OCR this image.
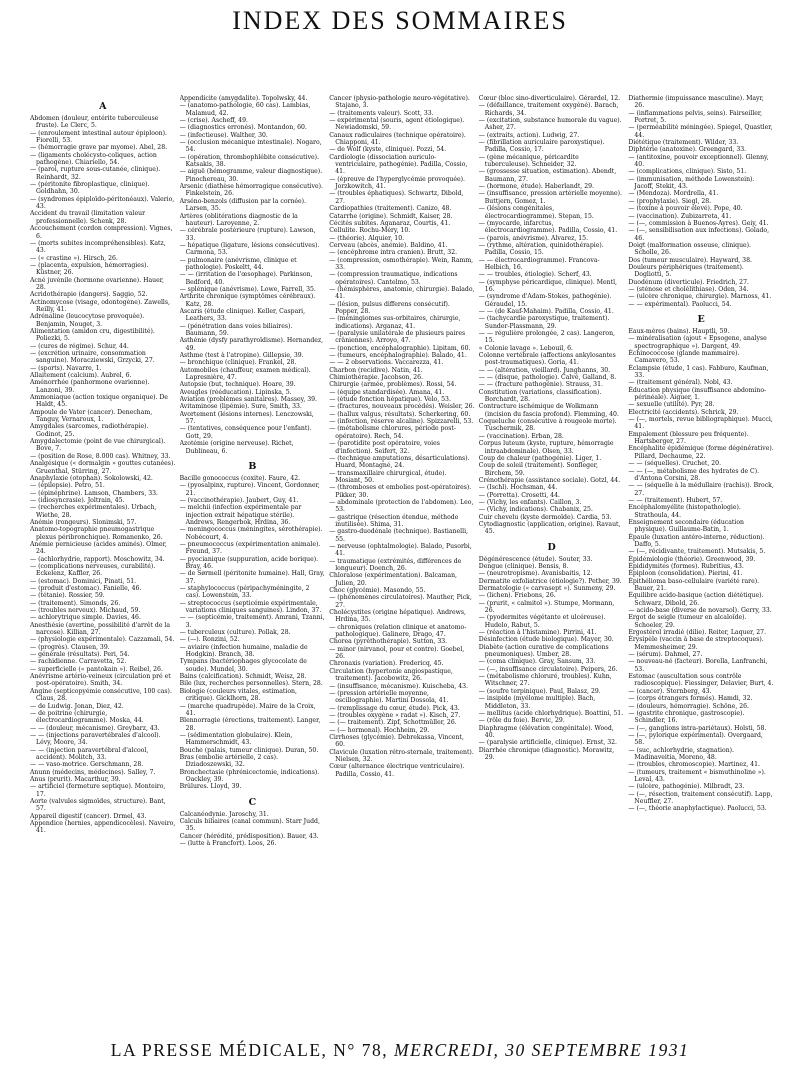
INDEX DES SOMMAIRES
A

Abdomen (douleur, entérite tuberculeuse fruste). Le Clerc, 5.

— (enroulement intestinal autour épiploon). Fiorelli, 53.

— (hémorragie grave par myome). Abel, 28.

— (ligaments cholécysto-coliques, action pathogène). Chiariello, 54.

— (paroi, rupture sous-cutanée, clinique). Reinhardt, 32.

— (péritonite fibroplastique, clinique). Goldhahn, 30.

— (syndromes épiploïdo-péritonéaux). Valerio, 43.

Accident du travail (limitation valeur professionnelle). Schenk, 28.

Accouchement (cordon compression). Vignes, 6.

— (morts subites incompréhensibles). Katz, 43.

— (« crastine »). Hirsch, 26.

— (placenta, expulsion, hémorragies). Küstner, 26.

Acné juvénile (hormone ovarienne). Hauer, 28.

Acridothérapie (dangers). Saggio, 52.

Actinomycose (visage, odontogène). Zawells, Reilly, 41.

Adrénaline (leucocytose provoquée). Benjamin, Nouget, 3.

Alimentation (amidon cru, digestibilité). Poliezki, 5.

— (cures de régime). Schur, 44.

— (excrétion urinaire, consommation sanguine). Moracziewski, Grzycki, 27.

— (sports). Navarre, 1.

Allaitement (calcium). Aubrel, 6.

Aménorrhée (panhormone ovarienne). Lanzoni, 39.

Ammoniaque (action toxique organique). De Haldt, 45.

Ampoule de Vater (cancer). Denecham, Tanguy, Vernaroux, 1.

Amygdales (sarcomes, radiothérapie). Godinot, 25.

Amygdalectomie (point de vue chirurgical). Bove, 7.

— (position de Rose, 8.000 cas). Whitney, 33.

Analgésique (« dormalgin » gouttes cutanées). Gruenthal, Stürring, 27.

Anaphylaxie (otophan). Sokolowski, 42.

— (épilepsie). Petro, 51.

— (épinéphrine). Lamson, Chambers, 33.

— (idiosyncrasie). Joltrain, 45.

— (recherches expérimentales). Urbach, Wiethe, 28.

Anémie (rongeurs). Slonimski, 57.

Anatomo-topographie pneumogastrique plexus péribronchique). Romanenko, 26.

Anémie pernicieuse (acides aminés). Olmer, 24.

— (achlorhydrie, rapport). Moschowitz, 34.

— (complications nerveuses, curabilité). Eckelenz, Kaffler, 26.

— (estomac). Dominici, Pinati, 51.

— (produit d'estomac). Fanielle, 46.

— (tétanie). Rossier, 59.

— (traitement). Simonds, 26.

— (troubles nerveux). Michaud, 59.

— achlorytrique simple. Davies, 46.

Anesthésie (avertine, possibilité d'arrêt de la narcose). Killian, 27.

— (physiologie expérimentale). Cazzamali, 54.

— (progrès). Clausen, 39.

— générale (résultats). Peri, 54.

— rachidienne. Carravetta, 52.

— superficielle (« pantokain »). Reibel, 26.

Anévrisme artério-veineux (circulation pré et post-opératoire). Smith, 34.

Angine (septicopyémie consécutive, 100 cas). Claus, 28.

— de Ludwig. Jonan, Diez, 42.

— de poitrine (chirurgie, électrocardiogramme). Moska, 44.

— — (douleur, mécanisme). Greybarz, 43.

— — (injections paravertébrales d'alcool). Lévy, Moore, 34.

— — (injection paravertébral d'alcool, accident). Molitch, 33.

— — vaso-motrice. Gerschmann, 28.

Anunn (médecins, médecines). Salley, 7.

Anus (prurit). Macarthur, 39.

— artificiel (fermeture septique). Monteiro, 17.

Aorte (valvules sigmoïdes, structure). Bant, 57.

Appareil digestif (cancer). Drmel, 43.

Appendice (hernies, appendicocèles). Naveiro, 41.

Appendicite (amygdalite). Topolwsky, 44.

— (anatomo-pathologie, 60 cas). Lambias, Malamud, 42.

— (crise). Ascheff, 49.

— (diagnostics erronés). Montandon, 60.

— (infectieuse). Walther, 30.

— (occlusion mécanique intestinale). Nogaro, 54.

— (opération, thrombophlébite consécutive). Katsakis, 38.

— aiguë (hémogramme, valeur diagnostique). Pinochereau, 30.

Arsenic (diathèse hémorragique consécutive). Finkelstein, 26.

Arséno-benzols (diffusion par la cornée). Larsen, 35.

Artères (oblitérations diagnostic de la hauteur). Laroyenne, 2.

— cérébrale postérieure (rupture). Lawson, 33.

— hépatique (ligature, lésions consécutives). Carmona, 53.

— pulmonaire (anévrisme, clinique et pathologie). Poskeltt, 44.

— — (irritation de l'œsophage). Parkinson, Bedford, 40.

— splénique (anévrisme). Lowe, Farrell, 35.

Arthrite chronique (symptômes cérébraux). Katz, 28.

Ascaris (étude clinique). Keller, Caspari, Leathers, 33.

— (pénétration dans voies biliaires). Baumann, 59.

Asthénie (dysfy parathyroïdisme). Hernandez, 49.

Asthme (test à l'atropine). Gillepsie, 39.

— bronchique (clinique). Frankel, 28.

Automobiles (chauffeur, examen médical). Lapresnière, 47.

Autopsie (but, technique). Hoare, 39.

Aveugles (rééducation). Lipinska, 5.

Aviation (problèmes sanitaires). Massey, 39.

Avitaminose (lipémie). Sure, Smith, 33.

Avortement (lésions internes). Lenczowski, 57.

— (tentatives, conséquence pour l'enfant). Gott, 29.

Azotémie (origine nerveuse). Richet, Dublineau, 6.

B

Bacille gonococcus (coxite). Faure, 42.

— (pyosalpinx, rupture). Vincent, Gordonner, 21.

— (vaccinothérapie). Jaubert, Guy, 41.

— melchii (infection expérimentale par injection extrait hépatique stérile). Andrews, Rengerbok, Hrdina, 36.

— meningococcus (méningites, sérothérapie). Nobécourt, 4.

— pneumococcus (expérimentation animale). Freund, 37.

— pyocianique (suppuration, acide borique). Bray, 46.

— de Sørmell (péritonite humaine). Hall, Gray, 37.

— staphylococcus (péripachyméningite, 2 cas). Lowenstein, 33.

— streptococcus (septicémie expérimentale, variations cliniques sanguines). Lindon, 37.

— — (septicémie, traitement). Amrani, Tzanni, 3.

— tuberculeux (culture). Pollak, 28.

— (—). Ronzini, 52.

— aviaire (infection humaine, maladie de Hodgkin). Branch, 38.

Tympans (bactériophages glycocolate de soude). Mundel, 30.

Bains (calcification). Schmidt, Weisz, 28.

Bile (lux, recherches personnelles). Stern, 28.

Biologie (couleurs vitales, estimation, critique). Gicklhorn, 28.

— (marche quadrupède). Maire de la Croix, 41.

Blennorragie (érections, traitement). Langer, 28.

— (sédimentation globulaire). Klein, Hammerschmidt, 43.

Bouche (palais, tumeur clinique). Duran, 50.

Bras (embolie artérielle, 2 cas). Dziadoszewski, 32.

Bronchectasie (phrénicectomie, indications). Oackley, 39.

Brûlures. Lloyd, 39.

C

Calcanéodynie. Jaroschy, 31.

Calculs biliaires (canal commun). Starr Judd, 35.

Cancer (hérédité, prédisposition). Bauer, 43.

— (lutte à Francfort). Loos, 26.

Cancer (physio-pathologie neuro-végétative). Stajano, 3.

— (traitements valeur). Scott, 33.

— expérimental (souris, agent étiologique). Newiadomski, 59.

Canaux radiculaires (technique opératoire). Chiapponi, 41.

— de Wolf (kyste, clinique). Pozzi, 54.

Cardiologie (dissociation auriculo-ventriculaire, pathogénie). Padilla, Cossio, 41.

— (épreuve de l'hyperglycémie provoquée). Jorzkowitch, 41.

— (troubles éphatiques). Schwartz, Dibold, 27.

Cardiopathies (traitement). Canizo, 48.

Catarrhe (origine). Schmidt, Kaiser, 28.

Cécités subites. Aganaraz, Courtis, 41.

Cellulite. Rochu-Méry, 10.

— (théorie). Alquier, 10.

Cerveau (abcès, anémie). Baldino, 41.

— (encéphrome intra cranien). Brutt, 32.

— (compression, osmothérapie). Wein, Ramm, 33.

— (compression traumatique, indications opératoires). Cantelmo, 53.

— (hémisphères, anatomie, chirurgie). Balado, 41.

— (lésion, pulsus differens consécutif). Popper, 28.

— (méningiomes sus-orbitaires, chirurgie, indications). Arganaz, 41.

— (paralysie unilatérale de plusieurs paires crâniennes). Arroyo, 47.

— (ponction, encéphalographie). Lipitam, 60.

— (tumeurs, encéphalographie). Balado, 41.

— — 2 observations. Vaccarezza, 41.

Charbon (recidive). Natin, 41.

Chimiothérapie. Jacobson, 26.

Chirurgie (armée, problèmes). Rossi, 54.

— (équipe standardisée). Amana, 41.

— (étude fonction hépatique). Velo, 53.

— (fractures, nouveaux procédés). Weisler, 26.

— (hallux valgus, résultats). Scherkering, 60.

— (infection, réserve alcaline). Spizzarelli, 53.

— (métabolisme chlorures, période post-opératoire). Rech, 54.

— (parotidite post opératoire, voies d'infection). Seifert, 32.

— (technique amputations, désarticulations). Huard, Montagné, 24.

— transmaxillaire chirurgical, étude). Mosiant, 50.

— (thromboses et embolies post-opératoires). Pikker, 30.

— abdominale (protection de l'abdomen). Leo, 53.

— gastrique (résection étendue, méthode inutilisée). Shima, 31.

— gastro-duodénale (technique). Bastianelli, 55.

— nerveuse (ophtalmologie). Balado, Pusorbi, 41.

— traumatique (extrémités, différences de longueur). Doench, 26.

Chloralose (expérimentation). Balcaman, Julien, 20.

Choc (glycémie). Masondo, 55.

— (phénomènes circulatoires). Mauther, Pick, 27.

Cholécystites (origine hépatique). Andrews, Hrdina, 35.

— chroniques (relation clinique et anatomo-pathologique). Galinere, Drago, 47.

Chorea (pyréthothérapie). Sutton, 33.

— minor (nirvanol, pour et contre). Goebel, 26.

Chronaxis (variation). Fredericq, 45.

Circulation (hypertonie angiospastique, traitement). Jacobowitz, 26.

— (insuffisance, mécanisme). Kuischeba, 43.

— (pression artérielle moyenne, oscillographie). Martini Dossola, 41.

— (remplissage du cœur, étude). Pick, 43.

— (troubles oxygène « radat »). Kisch, 27.

— (— traitement). Zipf, Schottmüller, 26.

— (— hormonal). Hochheim, 29.

Cirrhoses (glycémie). Debrekassa, Vincent, 60.

Clavicule (luxation rétro-sternale, traitement). Nielsen, 32.

Cœur (alternance électrique ventriculaire). Padilla, Cossio, 41.

Cœur (bloc sino-diverticulaire). Gérardel, 12.

— (défaillance, traitement oxygéné). Barach, Richards, 34.

— (excitation, substance humorale du vague). Asher, 27.

— (extraits, action). Ludwig, 27.

— (fibrillation auriculaire paroxystique). Padilla, Cossio, 17.

— (gène mécanique, péricardite tuberculeuse). Schneider, 32.

— (grossesse situation, estimation). Abendt, Baumann, 27.

— (hormone, étude). Haberlandt, 29.

— (insuffisance, pression artérielle moyenne). Buttjern, Gomez, 1.

— (lésions congénitales, électrocardiogramme). Stepan, 15.

— (myocarde, infarctus, électrocardiogramme). Padilla, Cossio, 41.

— (parois, anévrisme). Alvarez, 15.

— (rythme, altération, quinidothérapie). Padilla, Cossio, 15.

— — électrocardiogramme). Francova-Helbich, 16.

— — troubles, étiologie). Scherf, 43.

— (symphyse péricardique, clinique). Mentl, 16.

— (syndrome d'Adam-Stokes, pathogénie). Géraudel, 15.

— — (de Kauf-Mahaim). Padilla, Cossio, 41.

— (tachycardie paroxystique, traitement). Sunder-Plassmann, 29.

— — régulière prolongée, 2 cas). Langeron, 15.

« Colonie lavage ». Lebouil, 6.

Colonne vertébrale (affections ankylosantes post-traumatiques). Goria, 41.

— — (altération, vieillard). Junghanns, 30.

— — (disque, pathologie). Calvé, Galland, 8.

— — (fracture pathogénie). Strauss, 31.

Constitution (variations, classification). Borchardt, 28.

Contracture ischémique de Wolkmann (incision du fascia profond). Flemming, 40.

Coqueluche (consécutive à rougeole morte). Tuschermik, 28.

— (vaccination). Erban, 28.

Corpus luteum (kyste, rupture, hémorragie intraabdominale). Olsen, 33.

Coup de chaleur (pathogénie). Liger, 1.

Coup de soleil (traitement). Sonfleger, Birchem, 59.

Crénothérapie (assistance sociale). Gotzl, 44.

— (Ischl). Hochsman, 44.

— (Porretta). Crosetti, 44.

— (Vichy, les enfants). Caillon, 3.

— (Vichy, indications). Chabanix, 25.

Cuir chevelu (kyste dermoïde). Cardia, 53.

Cytodiagnostic (application, origine). Ravaut, 45.

D

Dégénérescence (étude). Souter, 33.

Dengue (clinique). Bensis, 8.

— (neurotropisme). Avanisbaitis, 12.

Dermatite exfoliatrice (étiologie?). Pether, 39.

Dermatologie (« carvasept »). Sunmeny, 29.

— (lichen). Friebons, 26.

— (prurit, « calmitol »). Stumpe, Mormann, 26.

— (pyodermites végétante et ulcéreuse). Hudelo, Rabut, 5.

— (réaction à l'histamine). Pirrini, 41.

Désinfection (étude biologique). Mayer, 30.

Diabète (action curative de complications pneumoniques). Umber, 28.

— (coma clinique). Gray, Sansum, 33.

— (—, insuffisance circulatoire). Peipers, 26.

— (métabolisme chloruré, troubles). Kuhn, Witschner, 27.

— (soufre terpinique). Paul, Balasz, 29.

— insipide (myélome multiple). Bach, Middleton, 33.

— mellitus (acide chlorhydrique). Boattini, 51.

— (rôle du foie). Bervic, 29.

Diaphragme (élévation congénitale). Wood, 40.

— (paralysie artificielle, clinique). Ernst, 32.

Diarrhée chronique (diagnostic). Morawitz, 29.

Diathermie (impuissance masculine). Mayr, 26.

— (inflammations pelvis, seins). Fairseiller, Portret, 5.

— (perméabilité méningée). Spiegel, Quastler, 44.

Diététique (traitement). Wilder, 33.

Diphtérie (anatoxine). Greengard, 33.

— (antitoxine, pouvoir exceptionnel). Glenny, 40.

— (complications, clinique). Sisto, 51.

— (immunisation, méthode Lowenstein). Jacoff, Stekit, 43.

— (Mendoza). Mordrella, 41.

— (prophylaxie). Siegl, 28.

— (toxine à pouvoir élevé). Pope, 40.

— (vaccination). Zubizarreta, 41.

— (—, commission à Buenos-Ayres). Geiy, 41.

— (—, sensibilisation aux infections). Golado, 46.

Doigt (malformation osseuse, clinique). Scholle, 26.

Dos (tumeur musculaire). Hayward, 38.

Douleurs périphériques (traitement). Dogliotti, 5.

Duodénum (diverticule). Friedrich, 27.

— (sténose et cholélithiase). Oden, 34.

— (ulcère chronique, chirurgie). Marnoss, 41.

— — expérimental). Paolucci, 54.

E

Eaux-mères (bains). Hauptli, 59.

— minéralisation (ajout « Epsogene, analyse spectrographique »). Dargent, 49.

Échinococcose (glande mammaire). Camavero, 53.

Éclampsie (étude, 1 cas). Fabburo, Kaufman, 33.

— (traitement général). Nobl, 43.

Éducation physique (insuffisance abdomino-périnéale). Aiguer, 1.

— sexuelle (utilité). Pyr, 28.

Electricité (accidents). Schrick, 29.

— (—, mortels, revue bibliographique). Mucci, 41.

Empalement (blessure peu fréquente). Hartsberger, 27.

Encéphalite épidémique (forme dégénérative). Pillard, Dechaume, 22.

— — (séquelles). Cruchet, 20.

— — (—, métabolisme des hydrates de C). d'Antona Corsini, 28.

— — (séquelle à la médullaire (rachis)). Brock, 27.

— — (traitement). Hubert, 57.

Encéphalomyélite (histopathologie). Strathoula, 44.

Enseignement secondaire (éducation physique). Guillaume-Batin, 1.

Épaule (luxation antéro-interne, réduction). Daffo, 5.

— (—, récidivante, traitement). Mutsakis, 5.

Épidémiologie (théorie). Greenwood, 39.

Épididymites (formes). Rubritius, 43.

Épiploon (consolidation). Pierini, 41.

Épithélioma baso-cellulaire (variété rare). Bauer, 21.

Équilibre acido-basique (action diététique). Schwarz, Dibold, 26.

— acido-base (diverse de novarsol). Gerry, 33.

Ergot de seigle (tumeur en alcaloïde). Schoeler, 29.

Ergostérol irradié (dilie). Reiter, Laquer, 27.

Érysipèle (vaccin à base de streptocoques). Memmesheimer, 29.

— (sérum). Dahmel, 27.

— nouveau-né (facteur). Borella, Lanfranchi, 53.

Estomac (auscultation sous contrôle radioscopique). Fiessinger, Delavier, Burt, 4.

— (cancer). Sternberg, 43.

— (corps étrangers formés). Hamdi, 32.

— (douleurs, hémorragie). Schöne, 26.

— (gastrite chronique, gastroscopie). Schindler, 16.

— (—, ganglions intra-pariétaux). Holsti, 58.

— (—, pylorique expérimental). Overgaard, 58.

— (suc, achlorhydrie, stagnation). Madinaveitia, Moreno, 48.

— (troubles, chromoscopie). Martinez, 41.

— (tumeurs, traitement « bismuthinoline »). Leval, 43.

— (ulcère, pathogénie). Milbradt, 23.

— (—, résection, traitement consécutif). Lapp, Neuffler, 27.

— (—, théorie anaphylactique). Paolucci, 53.

LA PRESSE MÉDICALE, N° 78, MERCREDI, 30 SEPTEMBRE 1931
